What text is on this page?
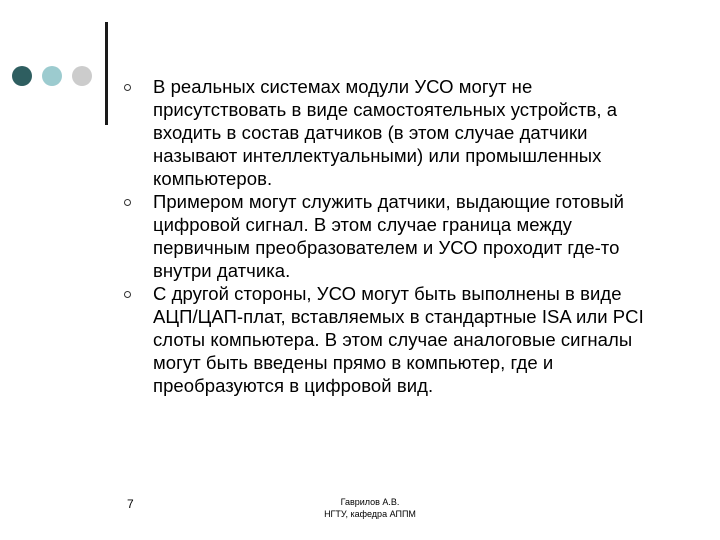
В реальных системах модули УСО могут не
присутствовать в виде самостоятельных устройств, а
входить в состав датчиков (в этом случае датчики
называют интеллектуальными) или промышленных
компьютеров.
Примером могут служить датчики, выдающие готовый
цифровой сигнал. В этом случае граница между
первичным преобразователем и УСО проходит где-то
внутри датчика.
С другой стороны, УСО могут быть выполнены в виде
АЦП/ЦАП-плат, вставляемых в стандартные ISA или PCI
слоты компьютера. В этом случае аналоговые сигналы
могут быть введены прямо в компьютер, где и
преобразуются в цифровой вид.
7	Гаврилов А.В.
НГТУ, кафедра АППМ
